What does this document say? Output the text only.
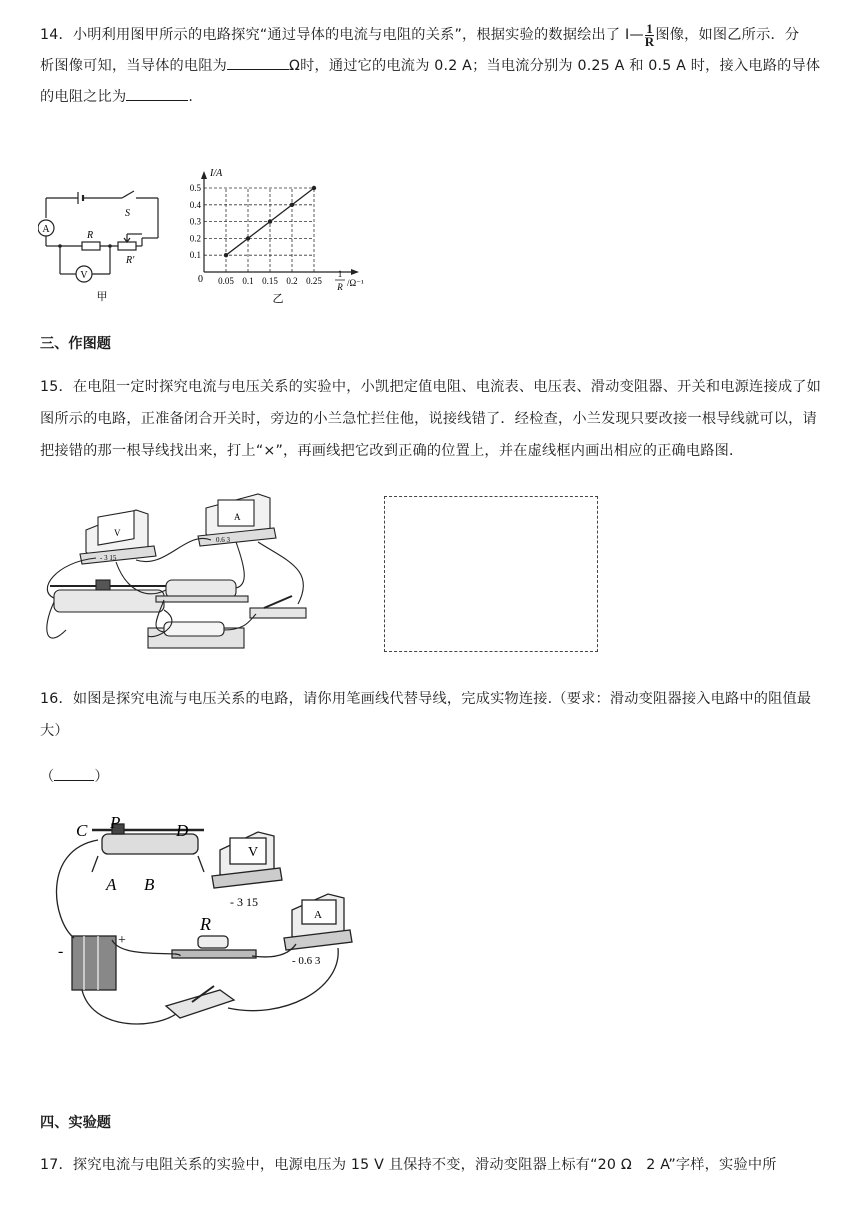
14．小明利用图甲所示的电路探究“通过导体的电流与电阻的关系”，根据实验的数据绘出了 I— $\frac{1}{R}$ 图像，如图乙所示．分
析图像可知，当导体的电阻为	Ω时，通过它的电流为 0.2 A；当电流分别为 0.25 A 和 0.5 A 时，接入电路的导体
的电阻之比为	.
A
S
R
R′
V
甲
0.1
0.2
0.3
0.4
0.5
0.05 0.1 0.15 0.2 0.25
I/A
0	1
R /Ω⁻¹
乙
三、作图题
15．在电阻一定时探究电流与电压关系的实验中，小凯把定值电阻、电流表、电压表、滑动变阻器、开关和电源连接成了如图所示的电路，正准备闭合开关时，旁边的小兰急忙拦住他，说接线错了．经检查，小兰发现只要改接一根导线就可以，请把接错的那一根导线找出来，打上“×”，再画线把它改到正确的位置上，并在虚线框内画出相应的正确电路图．
V
- 3 15
A
0.6 3
16．如图是探究电流与电压关系的电路，请你用笔画线代替导线，完成实物连接.（要求：滑动变阻器接入电路中的阻值最大）
（	）
C P	D
A B
V
- 3 15
R	A
- 0.6 3
-
+
四、实验题
17．探究电流与电阻关系的实验中，电源电压为 15 V 且保持不变，滑动变阻器上标有“20 Ω　2 A”字样，实验中所
